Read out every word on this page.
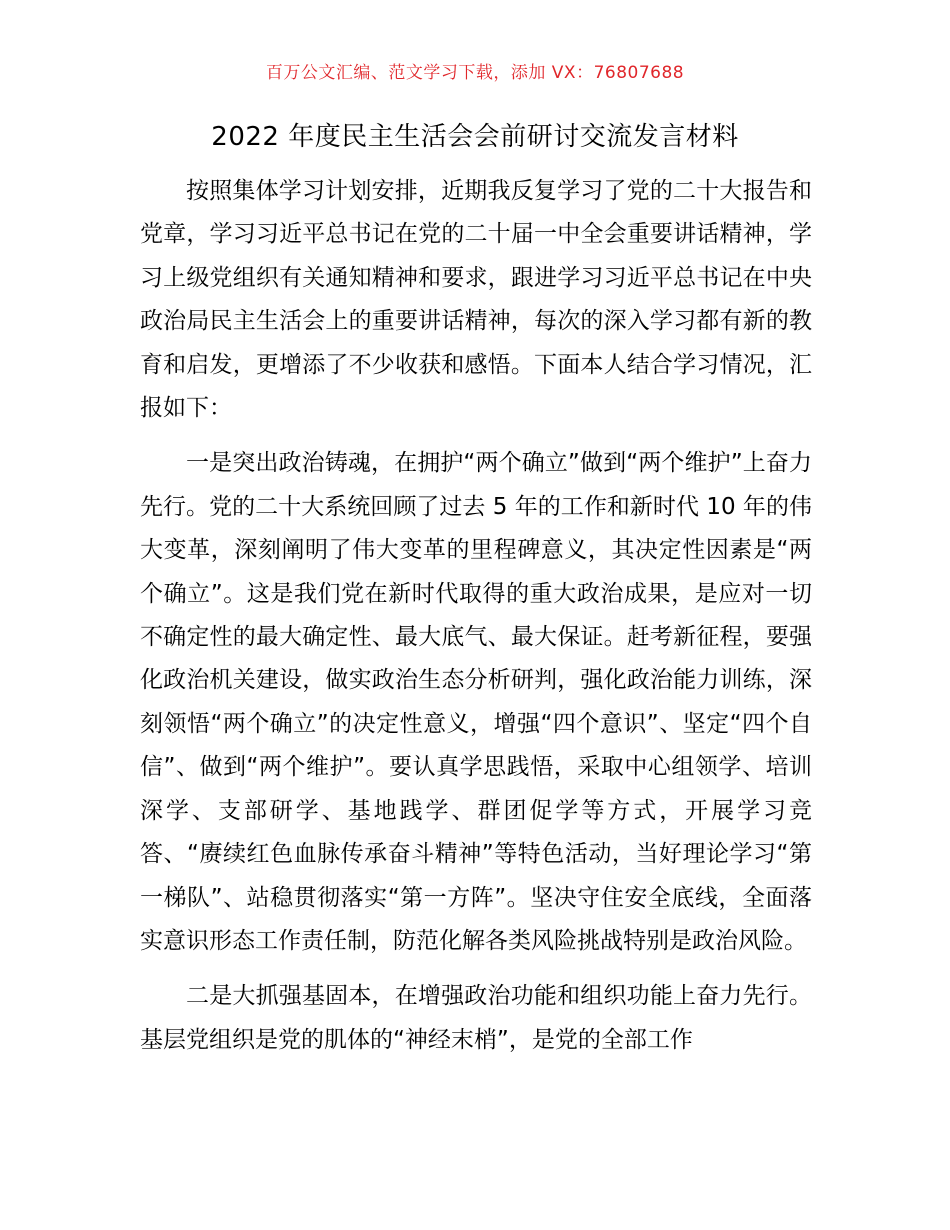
百万公文汇编、范文学习下载，添加 VX：76807688
2022 年度民主生活会会前研讨交流发言材料

按照集体学习计划安排，近期我反复学习了党的二十大报告和党章，学习习近平总书记在党的二十届一中全会重要讲话精神，学习上级党组织有关通知精神和要求，跟进学习习近平总书记在中央政治局民主生活会上的重要讲话精神，每次的深入学习都有新的教育和启发，更增添了不少收获和感悟。下面本人结合学习情况，汇报如下：

一是突出政治铸魂，在拥护“两个确立”做到“两个维护”上奋力先行。党的二十大系统回顾了过去 5 年的工作和新时代 10 年的伟大变革，深刻阐明了伟大变革的里程碑意义，其决定性因素是“两个确立”。这是我们党在新时代取得的重大政治成果，是应对一切不确定性的最大确定性、最大底气、最大保证。赶考新征程，要强化政治机关建设，做实政治生态分析研判，强化政治能力训练，深刻领悟“两个确立”的决定性意义，增强“四个意识”、坚定“四个自信”、做到“两个维护”。要认真学思践悟，采取中心组领学、培训深学、支部研学、基地践学、群团促学等方式，开展学习竞答、“赓续红色血脉传承奋斗精神”等特色活动，当好理论学习“第一梯队”、站稳贯彻落实“第一方阵”。坚决守住安全底线，全面落实意识形态工作责任制，防范化解各类风险挑战特别是政治风险。

二是大抓强基固本，在增强政治功能和组织功能上奋力先行。基层党组织是党的肌体的“神经末梢”，是党的全部工作
